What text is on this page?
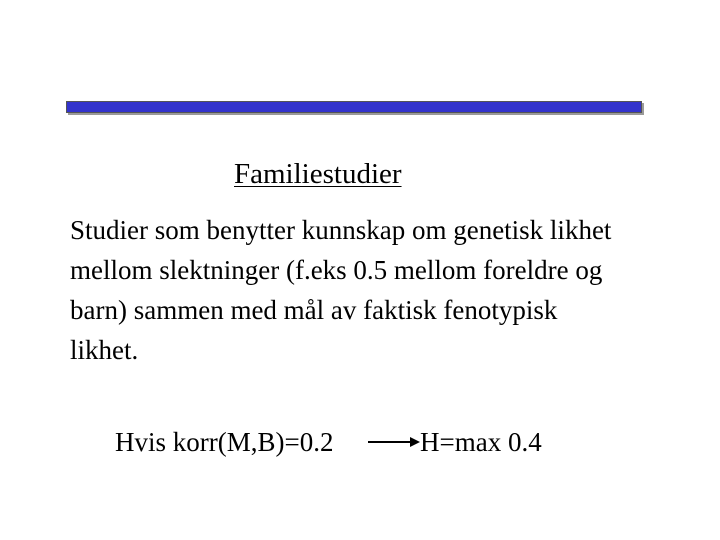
Familiestudier
Studier som benytter kunnskap om genetisk likhet
mellom slektninger (f.eks 0.5 mellom foreldre og
barn) sammen med mål av faktisk fenotypisk
likhet.
Hvis korr(M,B)=0.2	H=max 0.4
